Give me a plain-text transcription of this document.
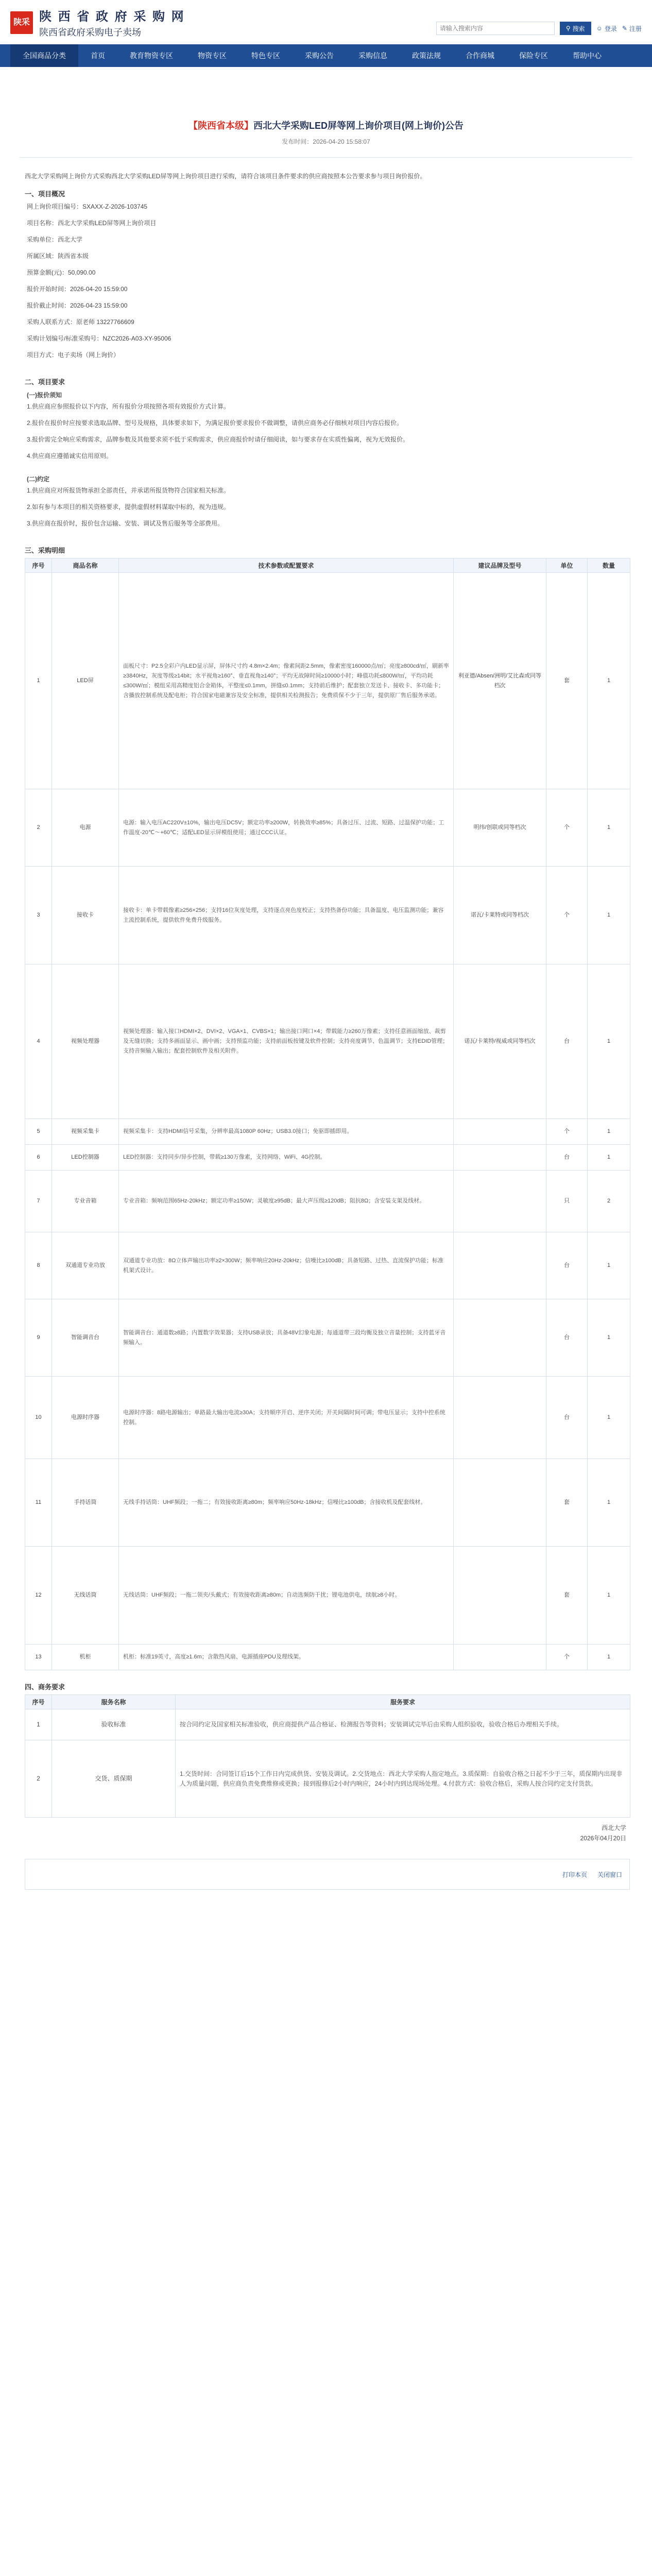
陕采 陕 西 省 政 府 采 购 网
陕西省政府采购电子卖场
请输入搜索内容	⚲ 搜索 ☺ 登录 ✎ 注册
全国商品分类	首页	教育物资专区	物资专区	特色专区	采购公告	采购信息	政策法规	合作商城	保险专区	帮助中心
【陕西省本级】西北大学采购LED屏等网上询价项目(网上询价)公告
发布时间：2026-04-20 15:58:07

西北大学采购网上询价方式采购西北大学采购LED屏等网上询价项目进行采购，请符合该项目条件要求的供应商按照本公告要求参与项目询价报价。

一、项目概况
网上询价项目编号：SXAXX-Z-2026-103745
项目名称：西北大学采购LED屏等网上询价项目
采购单位：西北大学
所属区域：陕西省本级
预算金额(元)：50,090.00
报价开始时间：2026-04-20 15:59:00
报价截止时间：2026-04-23 15:59:00
采购人联系方式：原老师 13227766609
采购计划编号/标准采购号：NZC2026-A03-XY-95006
项目方式：电子卖场（网上询价）
二、项目要求
(一)报价须知
1.供应商应参照报价以下内容，所有报价分项按照各项有效报价方式计算。
2.报价在报价时应按要求选取品牌、型号及规格，具体要求如下，为满足报价要求报价不做调整，请供应商务必仔细核对项目内容后报价。
3.报价需完全响应采购需求，品牌参数及其他要求须不低于采购需求，供应商报价时请仔细阅读，如与要求存在实质性偏离，视为无效报价。
4.供应商应遵循诚实信用原则。
(二)约定
1.供应商应对所报货物承担全部责任，并承诺所报货物符合国家相关标准。
2.如有参与本项目的相关资格要求，提供虚假材料谋取中标的，视为违规。
3.供应商在报价时，报价包含运输、安装、调试及售后服务等全部费用。
三、采购明细
序号	商品名称	技术参数或配置要求	建议品牌及型号	单位	数量
1	LED屏	面板尺寸：P2.5全彩户内LED显示屏，屏体尺寸约 4.8m×2.4m；像素间距2.5mm，像素密度160000点/㎡；亮度≥800cd/㎡，刷新率≥3840Hz，灰度等级≥14bit；水平视角≥160°、垂直视角≥140°；平均无故障时间≥10000小时；峰值功耗≤800W/㎡，平均功耗≤300W/㎡；模组采用高精度铝合金箱体，平整度≤0.1mm，拼缝≤0.1mm；支持前后维护；配套独立发送卡、接收卡、多功能卡；含播放控制系统及配电柜；符合国家电磁兼容及安全标准，提供相关检测报告；免费质保不少于三年，提供原厂售后服务承诺。	利亚德/Absen/洲明/艾比森或同等档次	套	1
2	电源	电源：输入电压AC220V±10%，输出电压DC5V；额定功率≥200W，转换效率≥85%；具备过压、过流、短路、过温保护功能；工作温度-20℃～+60℃；适配LED显示屏模组使用；通过CCC认证。	明纬/创联或同等档次	个	1
3	接收卡	接收卡：单卡带载像素≥256×256；支持16位灰度处理，支持逐点亮色度校正；支持热备份功能；具备温度、电压监测功能；兼容主流控制系统，提供软件免费升级服务。	诺瓦/卡莱特或同等档次	个	1
4	视频处理器	视频处理器：输入接口HDMI×2、DVI×2、VGA×1、CVBS×1；输出接口网口×4；带载能力≥260万像素；支持任意画面缩放、裁剪及无缝切换；支持多画面显示、画中画；支持预监功能；支持前面板按键及软件控制；支持亮度调节、色温调节；支持EDID管理；支持音频输入输出；配套控制软件及相关附件。	诺瓦/卡莱特/视威或同等档次	台	1
5	视频采集卡	视频采集卡：支持HDMI信号采集，分辨率最高1080P 60Hz；USB3.0接口；免驱即插即用。		个	1
6	LED控制器	LED控制器：支持同步/异步控制，带载≥130万像素，支持网络、WiFi、4G控制。		台	1
7	专业音箱	专业音箱：频响范围65Hz-20kHz；额定功率≥150W；灵敏度≥95dB；最大声压级≥120dB；阻抗8Ω；含安装支架及线材。		只	2
8	双通道专业功放	双通道专业功放：8Ω立体声输出功率≥2×300W；频率响应20Hz-20kHz；信噪比≥100dB；具备短路、过热、直流保护功能；标准机架式设计。		台	1
9	智能调音台	智能调音台：通道数≥8路；内置数字效果器；支持USB录放；具备48V幻象电源；每通道带三段均衡及独立音量控制；支持蓝牙音频输入。		台	1
10	电源时序器	电源时序器：8路电源输出；单路最大输出电流≥30A；支持顺序开启、逆序关闭；开关间隔时间可调；带电压显示；支持中控系统控制。		台	1
11	手持话筒	无线手持话筒：UHF频段；一拖二；有效接收距离≥80m；频率响应50Hz-18kHz；信噪比≥100dB；含接收机及配套线材。		套	1
12	无线话筒	无线话筒：UHF频段；一拖二领夹/头戴式；有效接收距离≥80m；自动选频防干扰；锂电池供电，续航≥8小时。		套	1
13	机柜	机柜：标准19英寸，高度≥1.6m；含散热风扇、电源插座PDU及理线架。		个	1
四、商务要求
序号	服务名称	服务要求
1	验收标准	按合同约定及国家相关标准验收，供应商提供产品合格证、检测报告等资料；安装调试完毕后由采购人组织验收，验收合格后办理相关手续。
2	交货、质保期	1.交货时间：合同签订后15个工作日内完成供货、安装及调试。2.交货地点：西北大学采购人指定地点。3.质保期：自验收合格之日起不少于三年，质保期内出现非人为质量问题，供应商负责免费维修或更换；接到报修后2小时内响应，24小时内到达现场处理。4.付款方式：验收合格后，采购人按合同约定支付货款。
西北大学
2026年04月20日
打印本页 关闭窗口
